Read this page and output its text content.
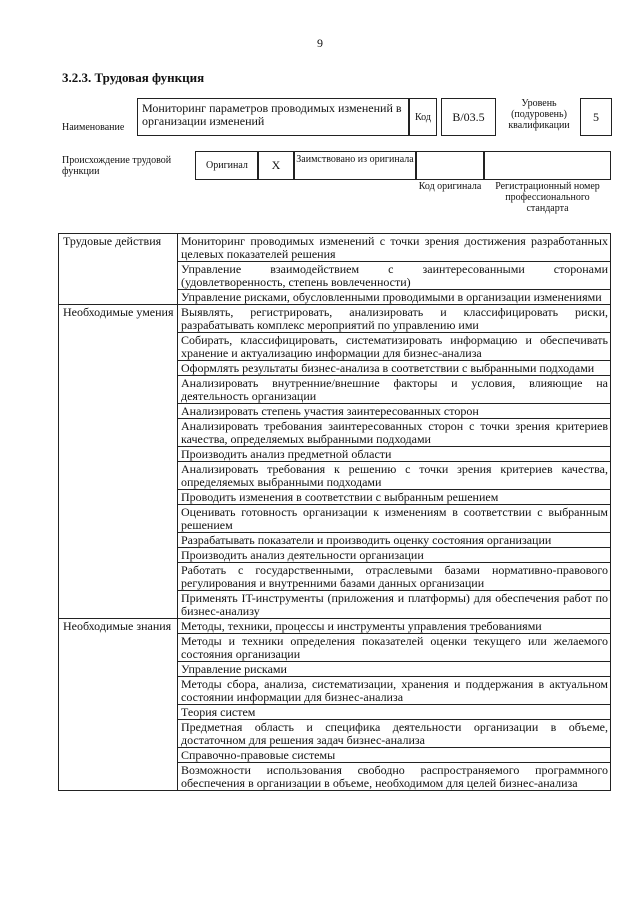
9
3.2.3. Трудовая функция
Наименование
Мониторинг параметров проводимых изменений в организации изменений	Код B/03.5
Уровень (подуровень) квалификации
5
Происхождение трудовой функции
Оригинал X Заимствовано из оригинала
Код оригинала	Регистрационный номер профессионального стандарта
Трудовые действия	Мониторинг проводимых изменений с точки зрения достижения разработанных целевых показателей решения
	Управление взаимодействием с заинтересованными сторонами (удовлетворенность, степень вовлеченности)
	Управление рисками, обусловленными проводимыми в организации изменениями
Необходимые умения	Выявлять, регистрировать, анализировать и классифицировать риски, разрабатывать комплекс мероприятий по управлению ими
	Собирать, классифицировать, систематизировать информацию и обеспечивать хранение и актуализацию информации для бизнес-анализа
	Оформлять результаты бизнес-анализа в соответствии с выбранными подходами
	Анализировать внутренние/внешние факторы и условия, влияющие на деятельность организации
	Анализировать степень участия заинтересованных сторон
	Анализировать требования заинтересованных сторон с точки зрения критериев качества, определяемых выбранными подходами
	Производить анализ предметной области
	Анализировать требования к решению с точки зрения критериев качества, определяемых выбранными подходами
	Проводить изменения в соответствии с выбранным решением
	Оценивать готовность организации к изменениям в соответствии с выбранным решением
	Разрабатывать показатели и производить оценку состояния организации
	Производить анализ деятельности организации
	Работать с государственными, отраслевыми базами нормативно-правового регулирования и внутренними базами данных организации
	Применять IT-инструменты (приложения и платформы) для обеспечения работ по бизнес-анализу
Необходимые знания	Методы, техники, процессы и инструменты управления требованиями
	Методы и техники определения показателей оценки текущего или желаемого состояния организации
	Управление рисками
	Методы сбора, анализа, систематизации, хранения и поддержания в актуальном состоянии информации для бизнес-анализа
	Теория систем
	Предметная область и специфика деятельности организации в объеме, достаточном для решения задач бизнес-анализа
	Справочно-правовые системы
	Возможности использования свободно распространяемого программного обеспечения в организации в объеме, необходимом для целей бизнес-анализа
